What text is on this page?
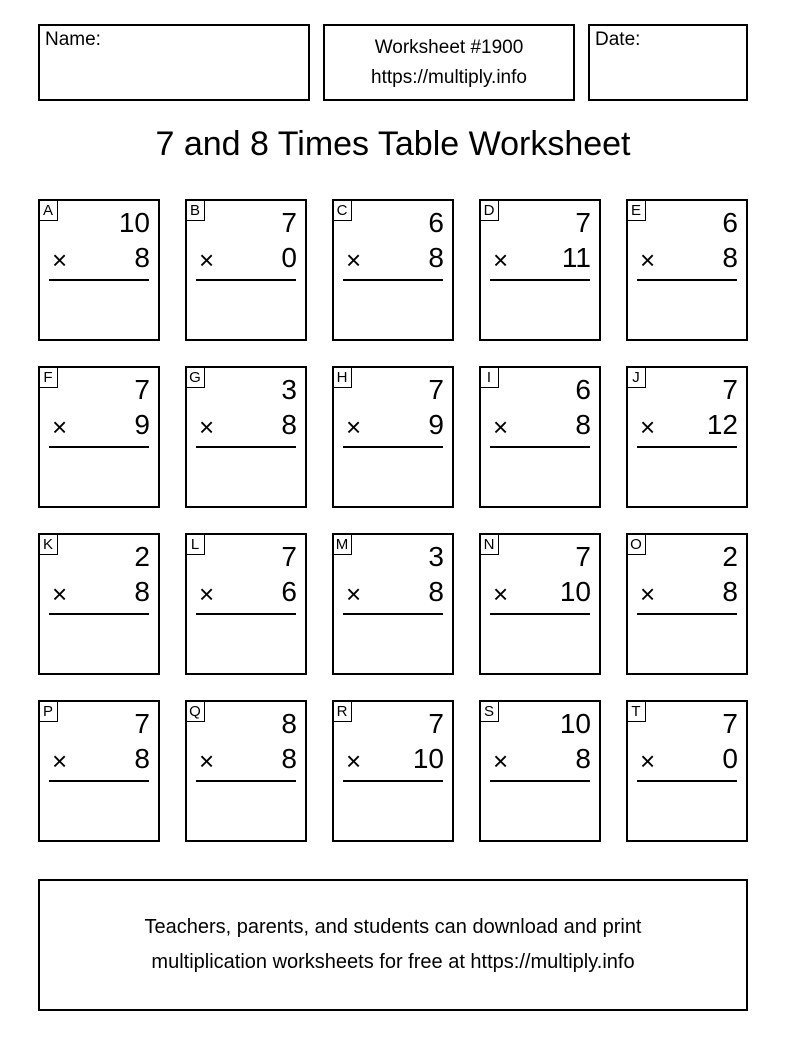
Name:	Worksheet #1900
https://multiply.info
Date:
7 and 8 Times Table Worksheet
A 10
× 8
B	7
× 0
C	6
× 8
D	7
× 11
E	6
× 8
F	7
× 9
G	3
× 8
H	7
× 9
I	6
× 8
J	7
× 12
K	2
× 8
L	7
× 6
M	3
× 8
N	7
× 10
O	2
× 8
P	7
× 8
Q	8
× 8
R	7
× 10
S 10
× 8
T	7
× 0
Teachers, parents, and students can download and print
multiplication worksheets for free at https://multiply.info
